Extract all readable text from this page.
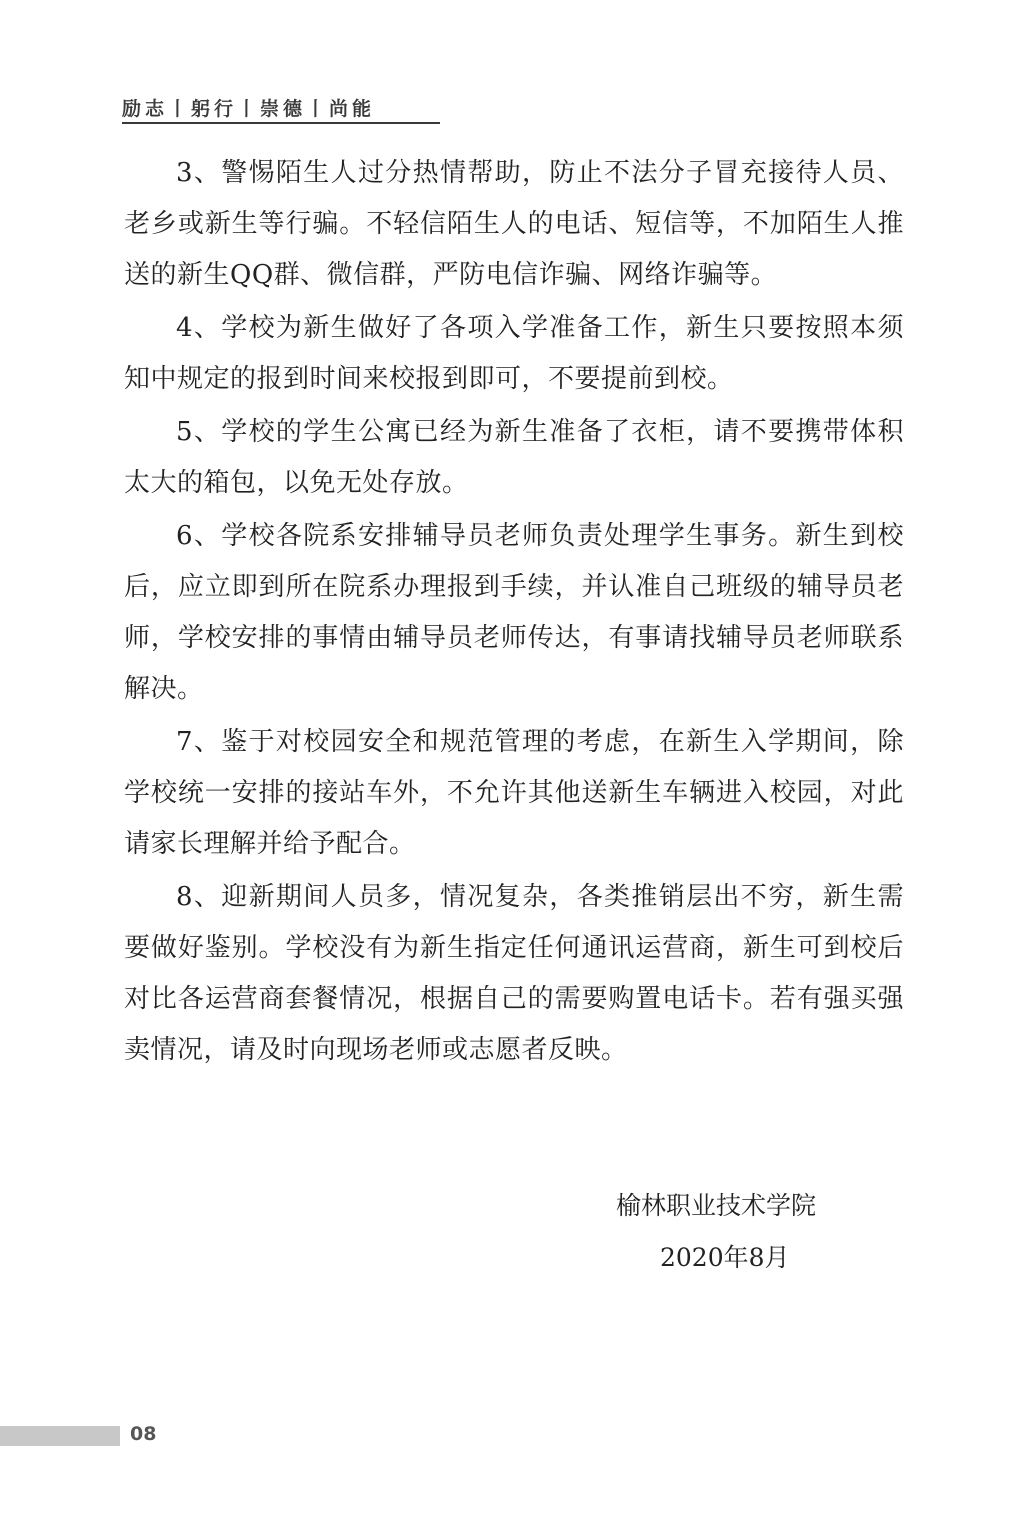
励志丨躬行丨崇德丨尚能

3、警惕陌生人过分热情帮助，防止不法分子冒充接待人员、老乡或新生等行骗。不轻信陌生人的电话、短信等，不加陌生人推送的新生QQ群、微信群，严防电信诈骗、网络诈骗等。

4、学校为新生做好了各项入学准备工作，新生只要按照本须知中规定的报到时间来校报到即可，不要提前到校。

5、学校的学生公寓已经为新生准备了衣柜，请不要携带体积太大的箱包，以免无处存放。

6、学校各院系安排辅导员老师负责处理学生事务。新生到校后，应立即到所在院系办理报到手续，并认准自己班级的辅导员老师，学校安排的事情由辅导员老师传达，有事请找辅导员老师联系解决。

7、鉴于对校园安全和规范管理的考虑，在新生入学期间，除学校统一安排的接站车外，不允许其他送新生车辆进入校园，对此请家长理解并给予配合。

8、迎新期间人员多，情况复杂，各类推销层出不穷，新生需要做好鉴别。学校没有为新生指定任何通讯运营商，新生可到校后对比各运营商套餐情况，根据自己的需要购置电话卡。若有强买强卖情况，请及时向现场老师或志愿者反映。

榆林职业技术学院
2020年8月
08
